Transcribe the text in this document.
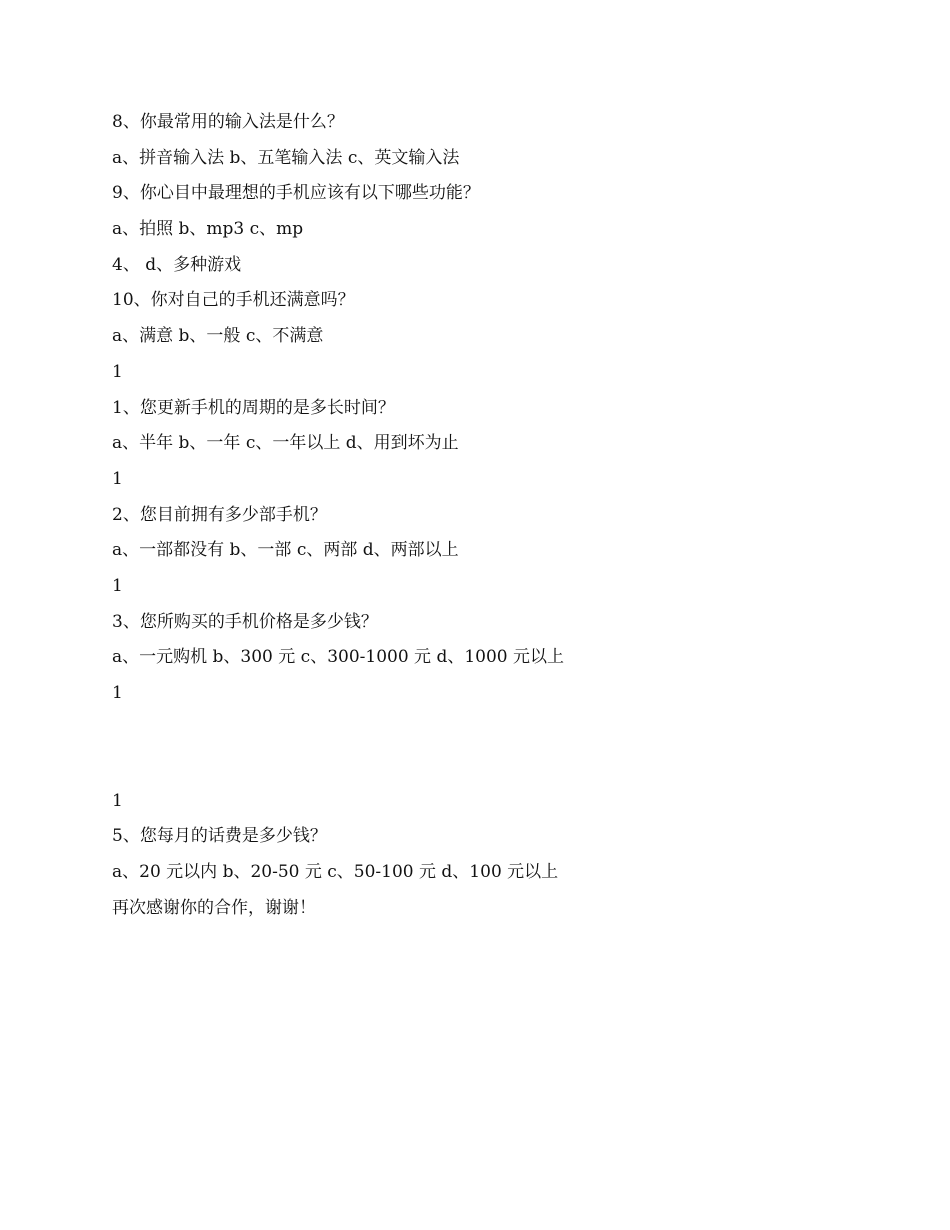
8、你最常用的输入法是什么？
a、拼音输入法 b、五笔输入法 c、英文输入法
9、你心目中最理想的手机应该有以下哪些功能？
a、拍照 b、mp3 c、mp
4、 d、多种游戏
10、你对自己的手机还满意吗？
a、满意 b、一般 c、不满意
1
1、您更新手机的周期的是多长时间？
a、半年 b、一年 c、一年以上 d、用到坏为止
1
2、您目前拥有多少部手机？
a、一部都没有 b、一部 c、两部 d、两部以上
1
3、您所购买的手机价格是多少钱？
a、一元购机 b、300 元 c、300-1000 元 d、1000 元以上
1
1
5、您每月的话费是多少钱？
a、20 元以内 b、20-50 元 c、50-100 元 d、100 元以上
再次感谢你的合作，谢谢！
